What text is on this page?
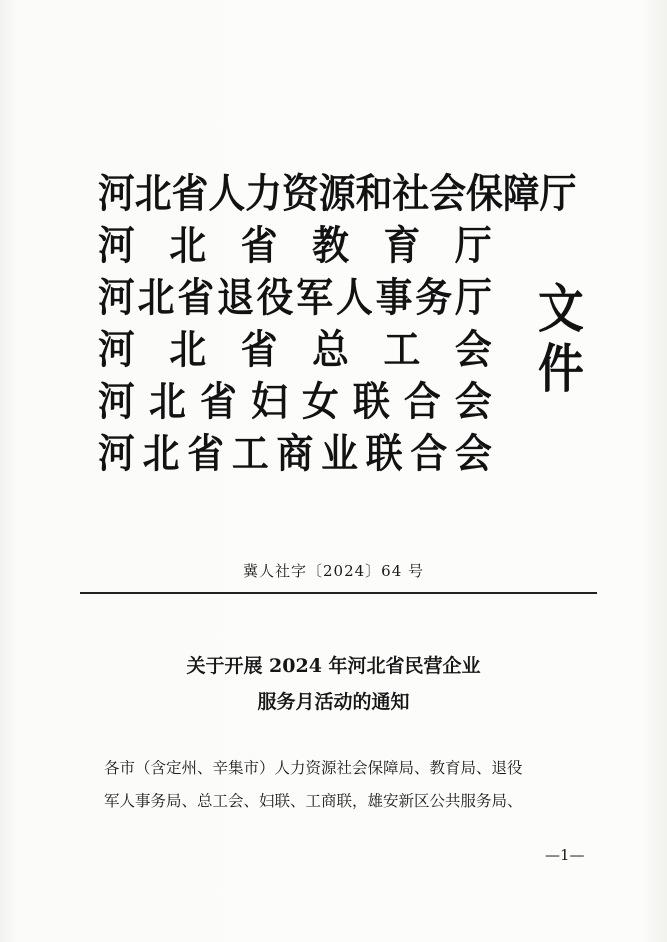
河 北 省 人 力 资 源 和 社 会 保 障 厅
河 北 省 教 育 厅
河 北 省 退 役 军 人 事 务 厅
河 北 省 总 工 会
河 北 省 妇 女 联 合 会
河 北 省 工 商 业 联 合 会
文件
冀人社字〔2024〕64 号
关于开展 2024 年河北省民营企业
服务月活动的通知
各市（含定州、辛集市）人力资源社会保障局、教育局、退役
军人事务局、总工会、妇联、工商联，雄安新区公共服务局、
—1—
